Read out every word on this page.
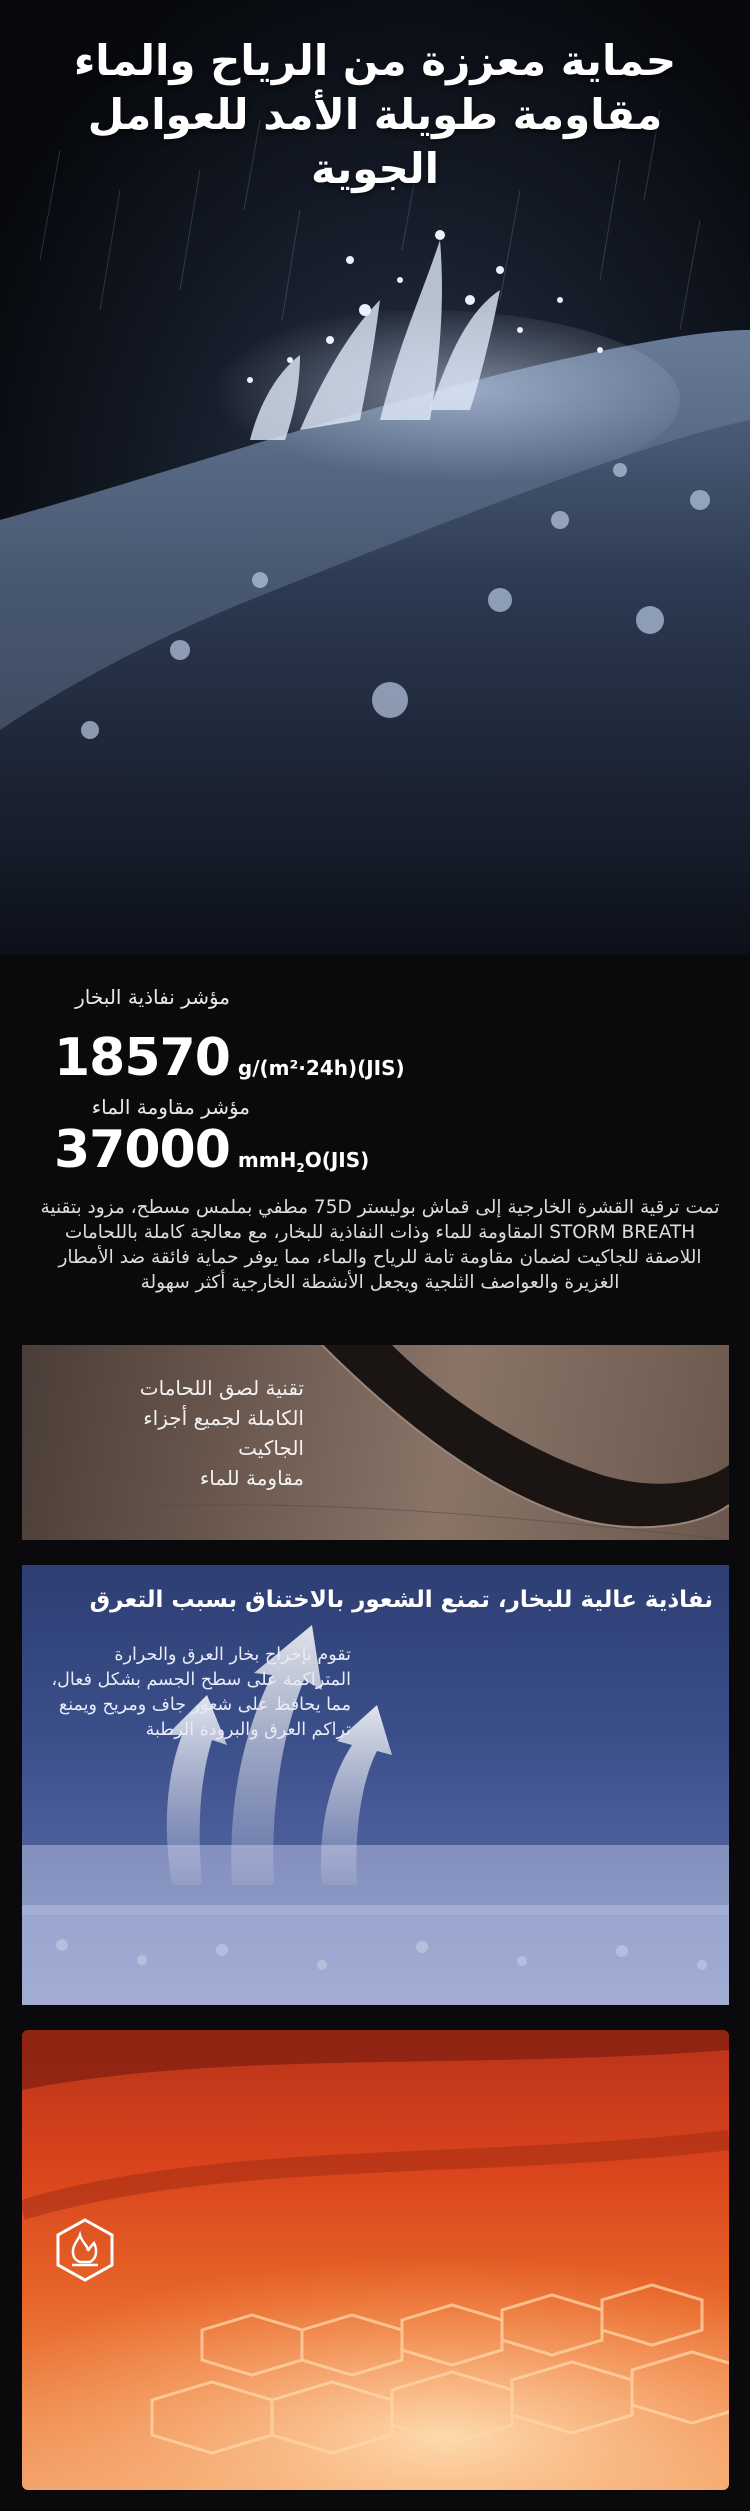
حماية معززة من الرياح والماء
مقاومة طويلة الأمد للعوامل
الجوية
مؤشر نفاذية البخار
18570 g/(m²·24h)(JIS)
مؤشر مقاومة الماء
37000 mmH$_2$O(JIS)
تمت ترقية القشرة الخارجية إلى قماش بوليستر 75D مطفي بملمس مسطح، مزود بتقنية STORM BREATH المقاومة للماء وذات النفاذية للبخار، مع معالجة كاملة باللحامات اللاصقة للجاكيت لضمان مقاومة تامة للرياح والماء، مما يوفر حماية فائقة ضد الأمطار الغزيرة والعواصف الثلجية ويجعل الأنشطة الخارجية أكثر سهولة
تقنية لصق اللحامات
الكاملة لجميع أجزاء
الجاكيت
مقاومة للماء
نفاذية عالية للبخار، تمنع الشعور بالاختناق بسبب التعرق
تقوم بإخراج بخار العرق والحرارة المتراكمة على سطح الجسم بشكل فعال، مما يحافظ على شعور جاف ومريح ويمنع تراكم العرق والبرودة الرطبة
